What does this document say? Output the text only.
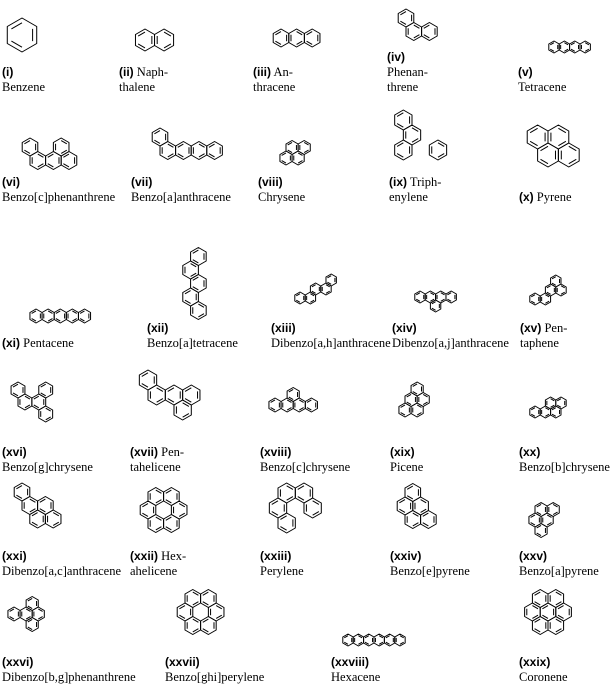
(i)
Benzene
(ii) Naph-
thalene
(iii) An-
thracene
(iv)
Phenan-
threne
(v)
Tetracene
(vi)
Benzo[c]phenanthrene
(vii)
Benzo[a]anthracene
(viii)
Chrysene
(ix) Triph-
enylene	(x) Pyrene
(xi) Pentacene
(xii)
Benzo[a]tetracene
(xiii)
Dibenzo[a,h]anthracene
(xiv)
Dibenzo[a,j]anthracene
(xv) Pen-
taphene
(xvi)
Benzo[g]chrysene
(xvii) Pen-
tahelicene
(xviii)
Benzo[c]chrysene
(xix)
Picene
(xx)
Benzo[b]chrysene
(xxi)
Dibenzo[a,c]anthracene
(xxii) Hex-
ahelicene
(xxiii)
Perylene
(xxiv)
Benzo[e]pyrene
(xxv)
Benzo[a]pyrene
(xxvi)
Dibenzo[b,g]phenanthrene
(xxvii)
Benzo[ghi]perylene
(xxviii)
Hexacene
(xxix)
Coronene
